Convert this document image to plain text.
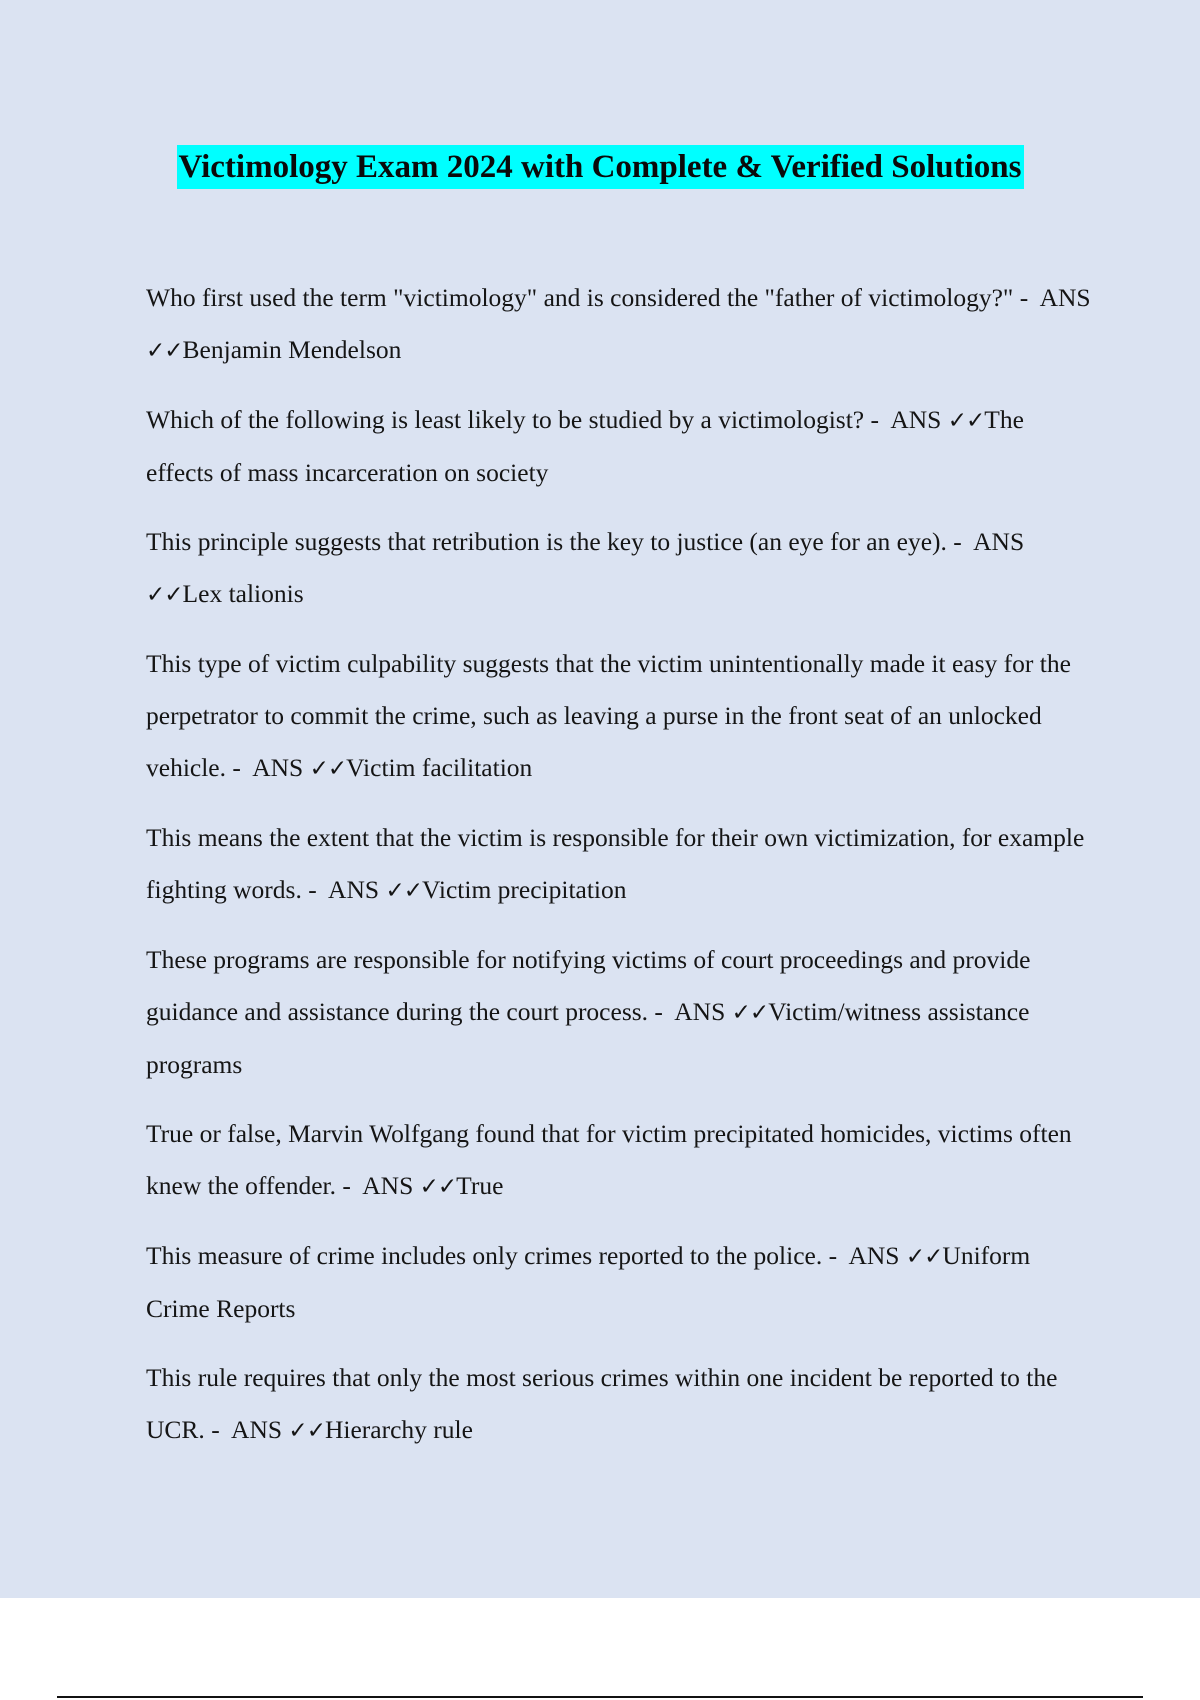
Victimology Exam 2024 with Complete & Verified Solutions

Who first used the term "victimology" and is considered the "father of victimology?" -  ANS ✓✓Benjamin Mendelson

Which of the following is least likely to be studied by a victimologist? -  ANS ✓✓The effects of mass incarceration on society

This principle suggests that retribution is the key to justice (an eye for an eye). -  ANS ✓✓Lex talionis

This type of victim culpability suggests that the victim unintentionally made it easy for the perpetrator to commit the crime, such as leaving a purse in the front seat of an unlocked vehicle. -  ANS ✓✓Victim facilitation

This means the extent that the victim is responsible for their own victimization, for example fighting words. -  ANS ✓✓Victim precipitation

These programs are responsible for notifying victims of court proceedings and provide guidance and assistance during the court process. -  ANS ✓✓Victim/witness assistance programs

True or false, Marvin Wolfgang found that for victim precipitated homicides, victims often knew the offender. -  ANS ✓✓True

This measure of crime includes only crimes reported to the police. -  ANS ✓✓Uniform Crime Reports

This rule requires that only the most serious crimes within one incident be reported to the UCR. -  ANS ✓✓Hierarchy rule
